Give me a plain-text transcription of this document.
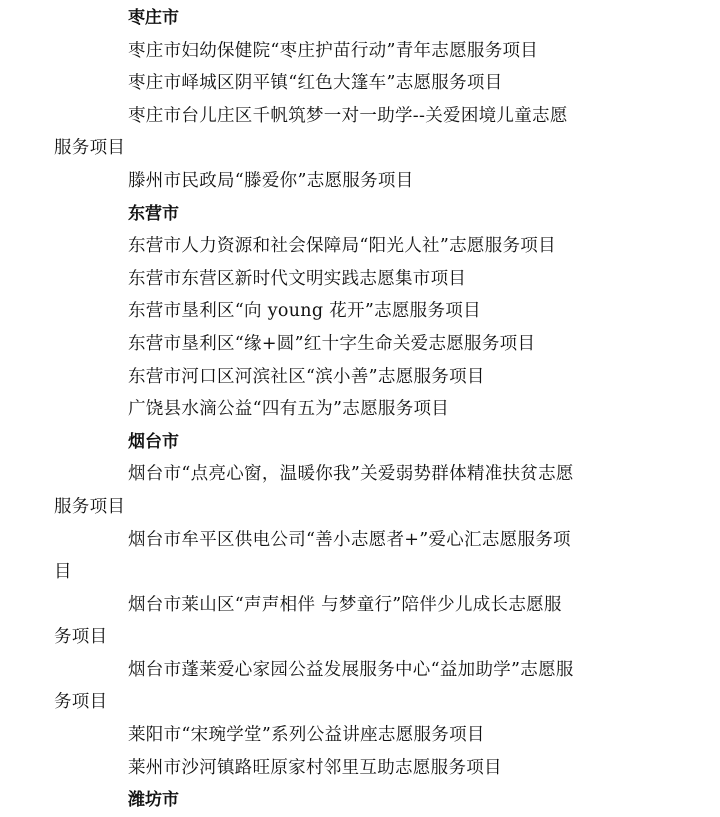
枣庄市
枣庄市妇幼保健院“枣庄护苗行动”青年志愿服务项目
枣庄市峄城区阴平镇“红色大篷车”志愿服务项目
枣庄市台儿庄区千帆筑梦一对一助学--关爱困境儿童志愿
服务项目
滕州市民政局“滕爱你”志愿服务项目
东营市
东营市人力资源和社会保障局“阳光人社”志愿服务项目
东营市东营区新时代文明实践志愿集市项目
东营市垦利区“向 young 花开”志愿服务项目
东营市垦利区“缘+圆”红十字生命关爱志愿服务项目
东营市河口区河滨社区“滨小善”志愿服务项目
广饶县水滴公益“四有五为”志愿服务项目
烟台市
烟台市“点亮心窗，温暖你我”关爱弱势群体精准扶贫志愿
服务项目
烟台市牟平区供电公司“善小志愿者+”爱心汇志愿服务项
目
烟台市莱山区“声声相伴 与梦童行”陪伴少儿成长志愿服
务项目
烟台市蓬莱爱心家园公益发展服务中心“益加助学”志愿服
务项目
莱阳市“宋琬学堂”系列公益讲座志愿服务项目
莱州市沙河镇路旺原家村邻里互助志愿服务项目
潍坊市
